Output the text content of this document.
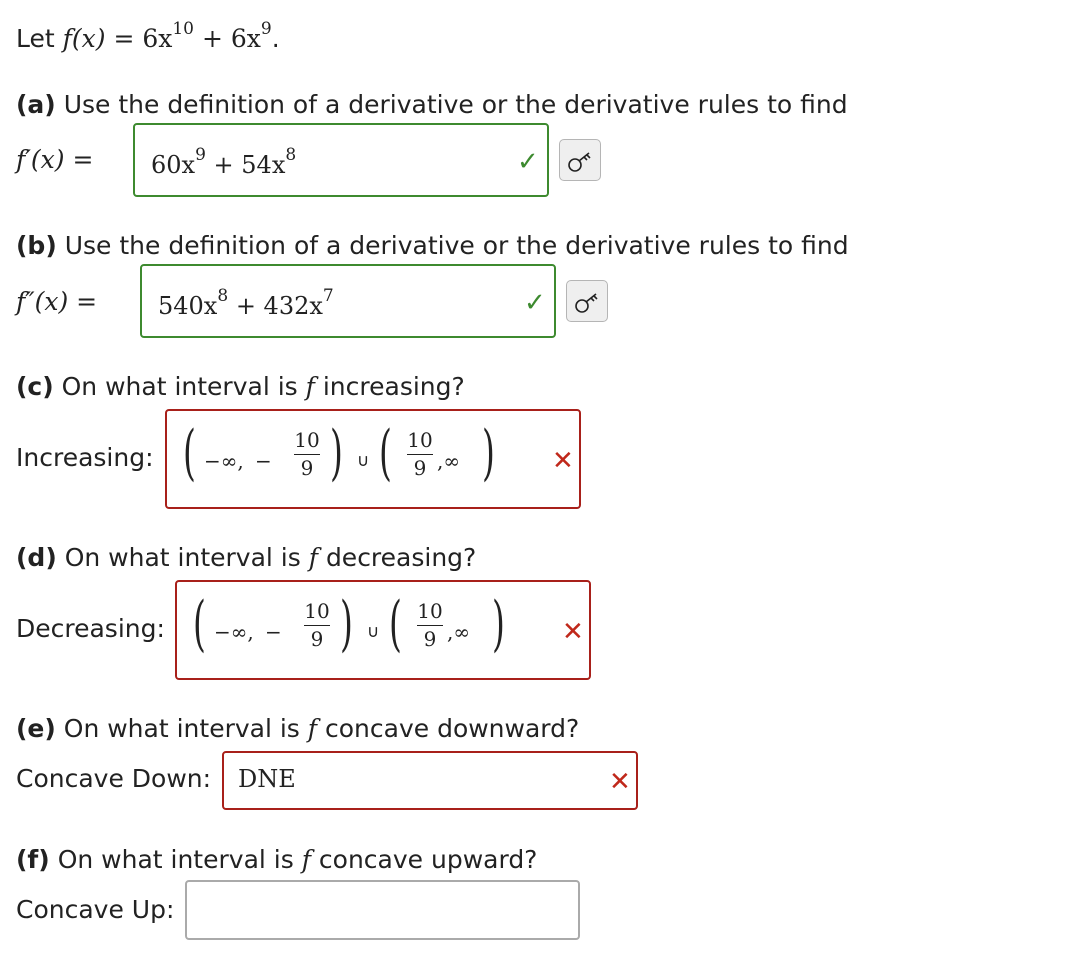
Let $f(x) = 6x^{10} + 6x^9$.
(a) Use the definition of a derivative or the derivative rules to find
$f'(x) = 60x^9 + 54x^8$	✓
(b) Use the definition of a derivative or the derivative rules to find
f″(x) =	$540x^8 + 432x^7$	✓
(c) On what interval is f increasing?
Increasing: ( −∞, −
10
9 ) ∪ ( 10
9 ,∞ ) ✕
(d) On what interval is f decreasing?
Decreasing: ( −∞, −
10
9 ) ∪ ( 10
9 ,∞ ) ✕
(e) On what interval is f concave downward?
Concave Down: DNE	✕
(f) On what interval is f concave upward?
Concave Up:
